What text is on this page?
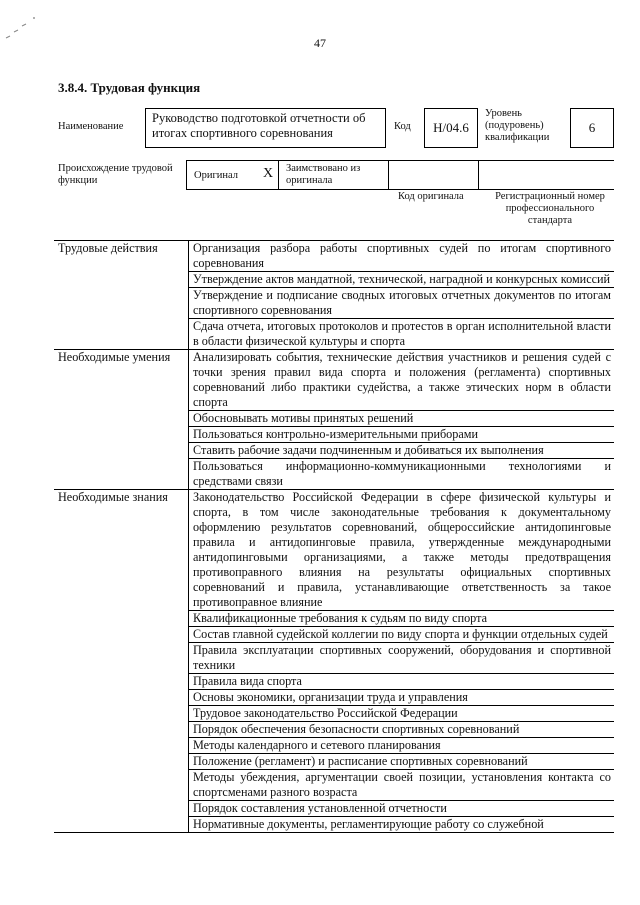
47
3.8.4. Трудовая функция
Наименование
Руководство подготовкой отчетности об итогах спортивного соревнования	Код	H/04.6
Уровень (подуровень) квалификации
6
Происхождение трудовой функции	Оригинал X Заимствовано из оригинала
Код оригинала	Регистрационный номер профессионального стандарта
Трудовые действия	Организация разбора работы спортивных судей по итогам спортивного соревнования
	Утверждение актов мандатной, технической, наградной и конкурсных комиссий
	Утверждение и подписание сводных итоговых отчетных документов по итогам спортивного соревнования
	Сдача отчета, итоговых протоколов и протестов в орган исполнительной власти в области физической культуры и спорта
Необходимые умения	Анализировать события, технические действия участников и решения судей с точки зрения правил вида спорта и положения (регламента) спортивных соревнований либо практики судейства, а также этических норм в области спорта
	Обосновывать мотивы принятых решений
	Пользоваться контрольно-измерительными приборами
	Ставить рабочие задачи подчиненным и добиваться их выполнения
	Пользоваться информационно-коммуникационными технологиями и средствами связи
Необходимые знания	Законодательство Российской Федерации в сфере физической культуры и спорта, в том числе законодательные требования к документальному оформлению результатов соревнований, общероссийские антидопинговые правила и антидопинговые правила, утвержденные международными антидопинговыми организациями, а также методы предотвращения противоправного влияния на результаты официальных спортивных соревнований и правила, устанавливающие ответственность за такое противоправное влияние
	Квалификационные требования к судьям по виду спорта
	Состав главной судейской коллегии по виду спорта и функции отдельных судей
	Правила эксплуатации спортивных сооружений, оборудования и спортивной техники
	Правила вида спорта
	Основы экономики, организации труда и управления
	Трудовое законодательство Российской Федерации
	Порядок обеспечения безопасности спортивных соревнований
	Методы календарного и сетевого планирования
	Положение (регламент) и расписание спортивных соревнований
	Методы убеждения, аргументации своей позиции, установления контакта со спортсменами разного возраста
	Порядок составления установленной отчетности
	Нормативные документы, регламентирующие работу со служебной
